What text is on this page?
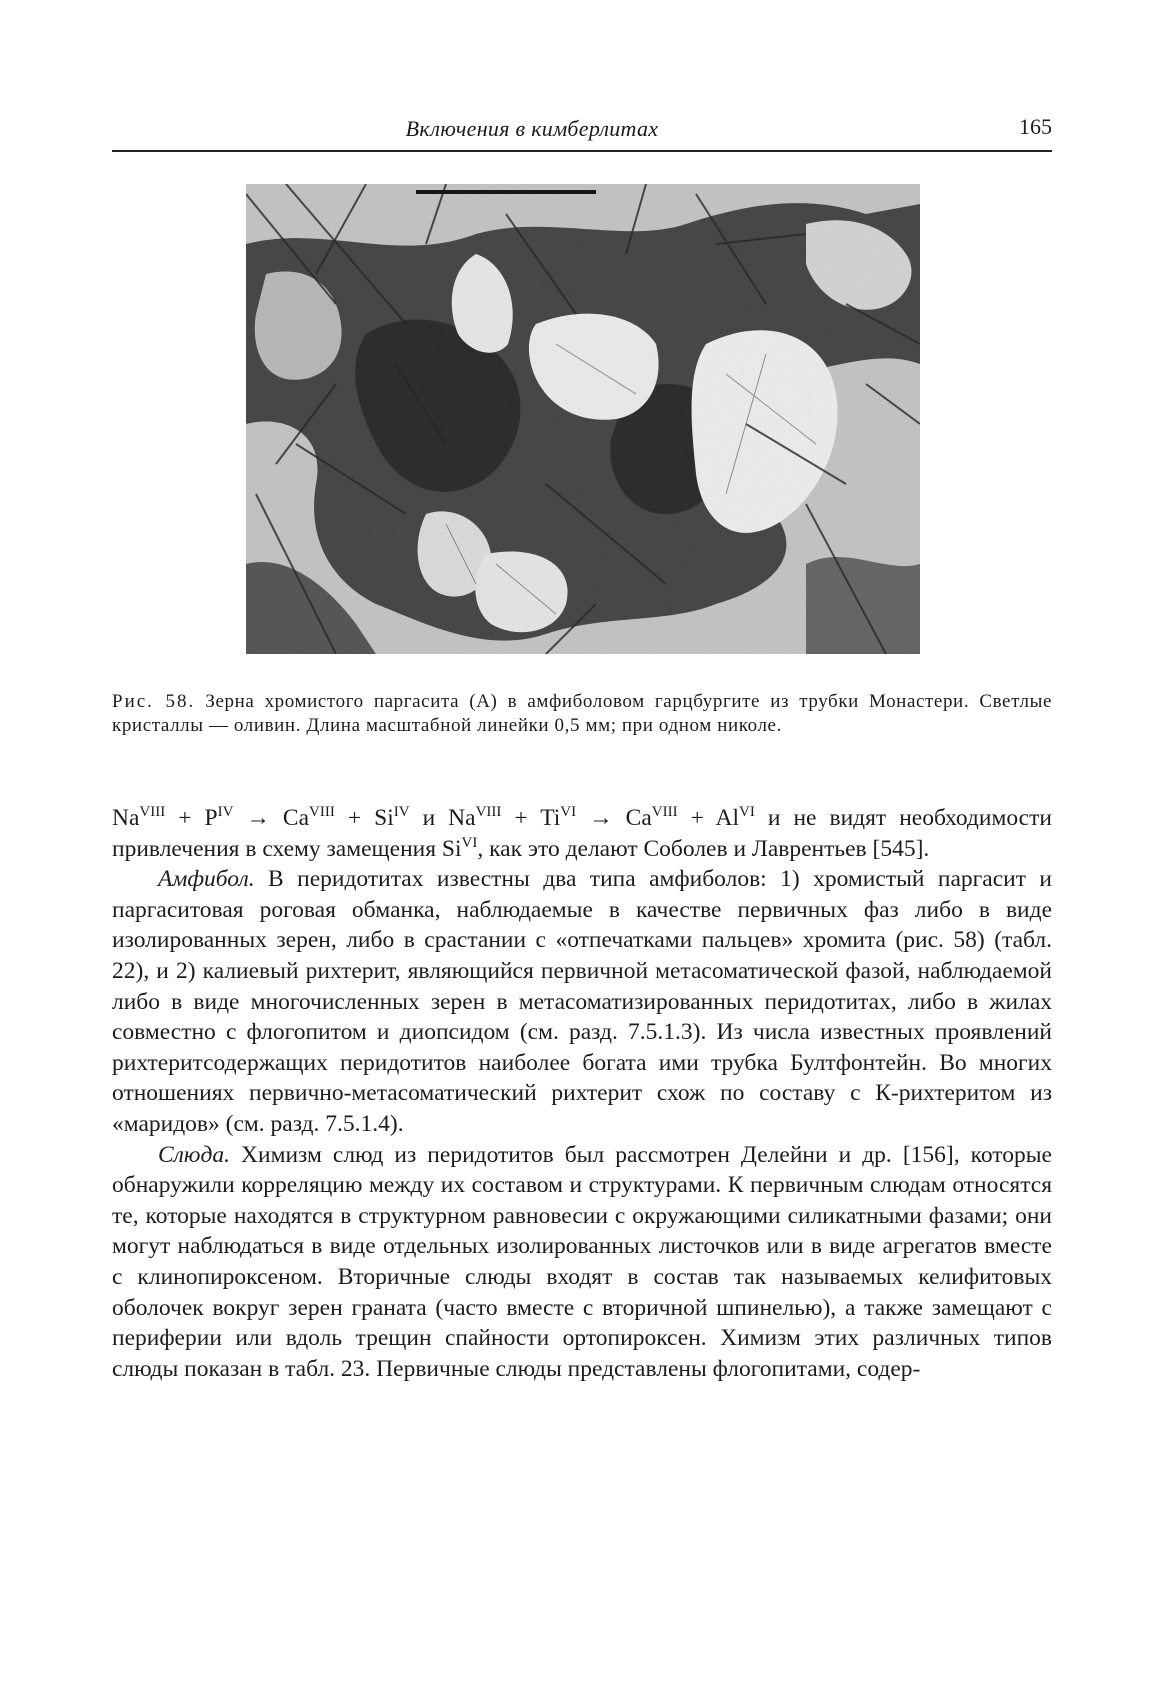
Включения в кимберлитах	165
Рис. 58. Зерна хромистого паргасита (A) в амфиболовом гарцбургите из трубки Монастери. Светлые кристаллы — оливин. Длина масштабной линейки 0,5 мм; при одном николе.

$Na^{VIII} + P^{IV} \to Ca^{VIII} + Si^{IV}$ и $Na^{VIII} + Ti^{VI} \to Ca^{VIII} + Al^{VI}$ и не видят необходимости привлечения в схему замещения $Si^{VI}$, как это делают Соболев и Лаврентьев [545].

Амфибол. В перидотитах известны два типа амфиболов: 1) хромистый паргасит и паргаситовая роговая обманка, наблюдаемые в качестве первичных фаз либо в виде изолированных зерен, либо в срастании с «отпечатками пальцев» хромита (рис. 58) (табл. 22), и 2) калиевый рихтерит, являющийся первичной метасоматической фазой, наблюдаемой либо в виде многочисленных зерен в метасоматизированных перидотитах, либо в жилах совместно с флогопитом и диопсидом (см. разд. 7.5.1.3). Из числа известных проявлений рихтеритсодержащих перидотитов наиболее богата ими трубка Бултфонтейн. Во многих отношениях первично-метасоматический рихтерит схож по составу с К-рихтеритом из «маридов» (см. разд. 7.5.1.4).

Слюда. Химизм слюд из перидотитов был рассмотрен Делейни и др. [156], которые обнаружили корреляцию между их составом и структурами. К первичным слюдам относятся те, которые находятся в структурном равновесии с окружающими силикатными фазами; они могут наблюдаться в виде отдельных изолированных листочков или в виде агрегатов вместе с клинопироксеном. Вторичные слюды входят в состав так называемых келифитовых оболочек вокруг зерен граната (часто вместе с вторичной шпинелью), а также замещают с периферии или вдоль трещин спайности ортопироксен. Химизм этих различных типов слюды показан в табл. 23. Первичные слюды представлены флогопитами, содер-
